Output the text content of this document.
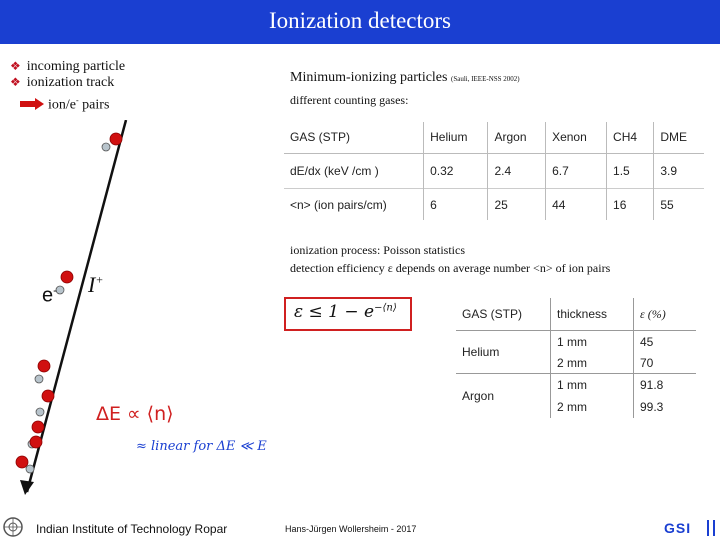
Ionization detectors
❖ incoming particle
❖ ionization track
ion/e- pairs
e- I+
ΔE ∝ ⟨n⟩
≈ linear for ΔE ≪ E
Minimum-ionizing particles (Sauli, IEEE-NSS 2002)
different counting gases:
GAS (STP)	Helium	Argon	Xenon	CH4	DME
dE/dx (keV /cm )	0.32	2.4	6.7	1.5	3.9
<n> (ion pairs/cm)	6	25	44	16	55
ionization process: Poisson statistics
detection efficiency ε depends on average number <n> of ion pairs
$\varepsilon \le 1 - e^{-⟨n⟩}$	GAS (STP)	thickness	ε (%)
Helium	1 mm	45
	2 mm	70
Argon	1 mm	91.8
	2 mm	99.3
Indian Institute of Technology Ropar	Hans-Jürgen Wollersheim - 2017	GSI
